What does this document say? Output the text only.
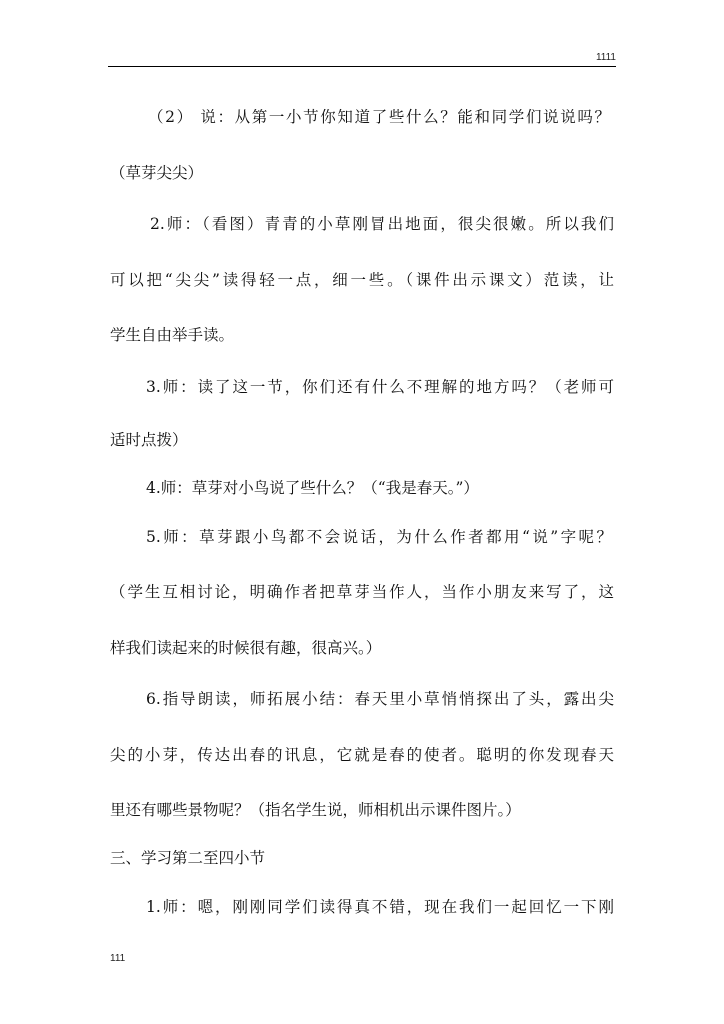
1111
（2） 说：从第一小节你知道了些什么？能和同学们说说吗？
（草芽尖尖）
2.师：（看图）青青的小草刚冒出地面，很尖很嫩。所以我们
可以把“尖尖”读得轻一点，细一些。（课件出示课文）范读，让
学生自由举手读。
3.师：读了这一节，你们还有什么不理解的地方吗？（老师可
适时点拨）
4.师：草芽对小鸟说了些什么？（“我是春天。”）
5.师：草芽跟小鸟都不会说话，为什么作者都用“说”字呢？
（学生互相讨论，明确作者把草芽当作人，当作小朋友来写了，这
样我们读起来的时候很有趣，很高兴。）
6.指导朗读，师拓展小结：春天里小草悄悄探出了头，露出尖
尖的小芽，传达出春的讯息，它就是春的使者。聪明的你发现春天
里还有哪些景物呢？（指名学生说，师相机出示课件图片。）
三、学习第二至四小节
1.师：嗯，刚刚同学们读得真不错，现在我们一起回忆一下刚
111
